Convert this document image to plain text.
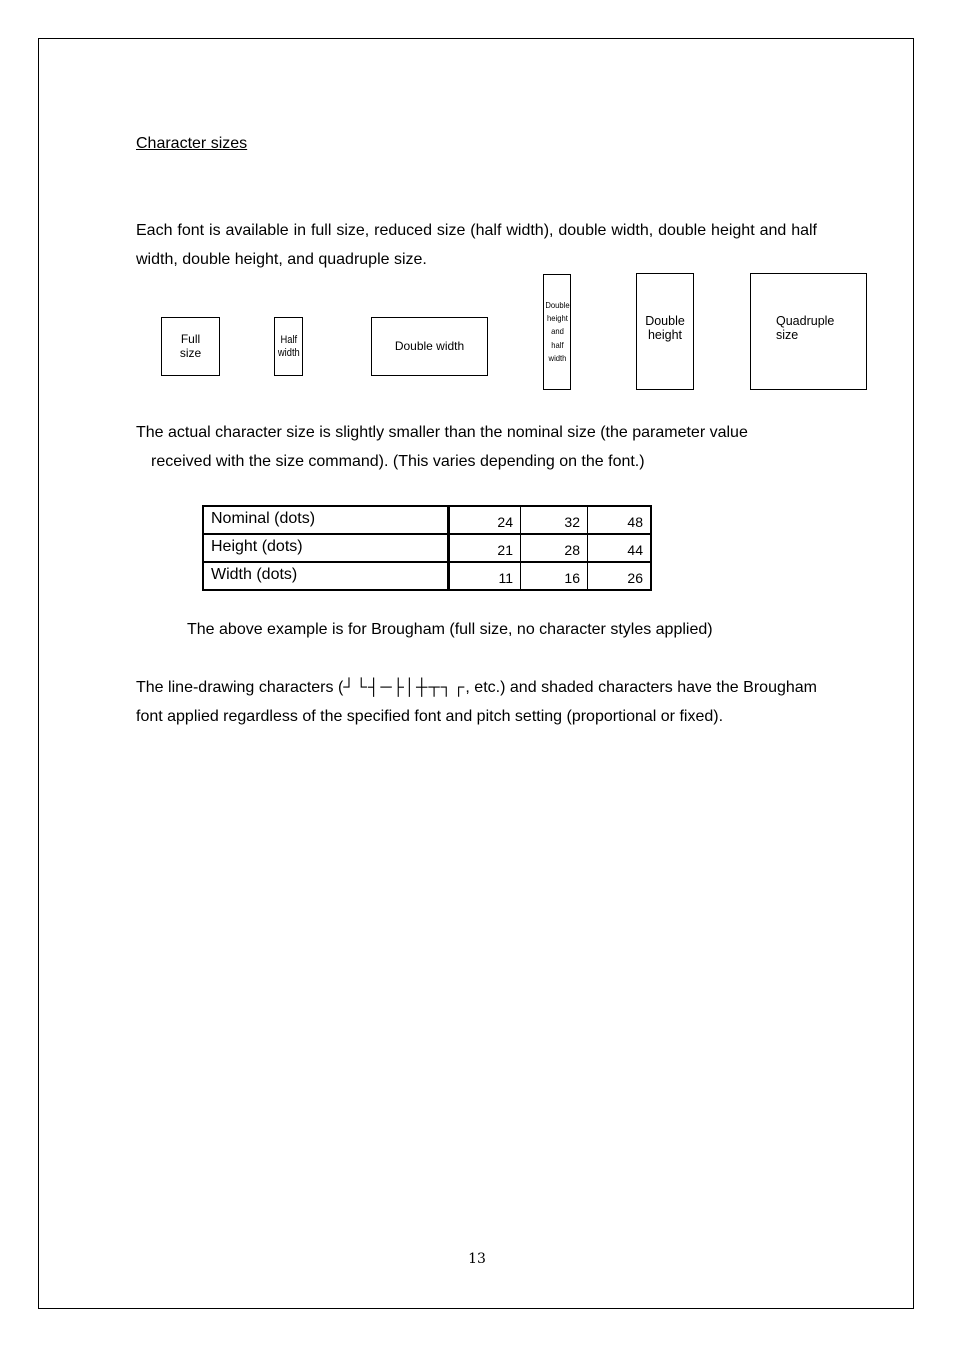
Character sizes
Each font is available in full size, reduced size (half width), double width, double height and half width, double height, and quadruple size.
Full
size
Half
width	Double width
Double
height
and
half
width
Double
height
Quadruple
size
The actual character size is slightly smaller than the nominal size (the parameter value
received with the size command). (This varies depending on the font.)
Nominal (dots)	24	32	48
Height (dots)	21	28	44
Width (dots)	11	16	26
The above example is for Brougham (full size, no character styles applied)
The line-drawing characters (┘└┤─├│┼┬┐┌, etc.) and shaded characters have the Brougham font applied regardless of the specified font and pitch setting (proportional or fixed).
13
